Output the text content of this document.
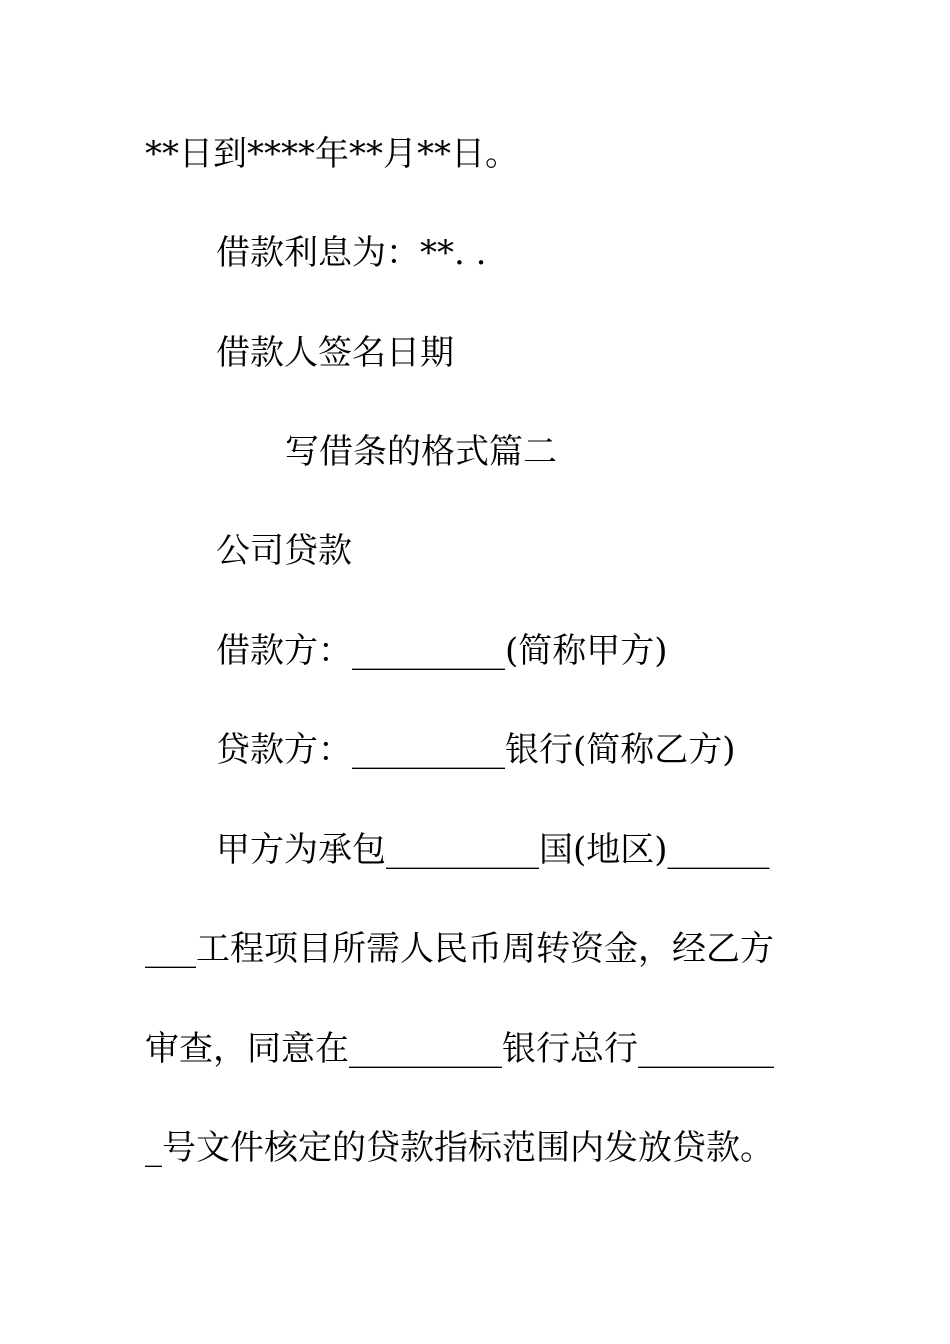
**日到****年**月**日。
借款利息为：**. .
借款人签名日期
写借条的格式篇二
公司贷款
借款方：_________(简称甲方)
贷款方：_________银行(简称乙方)
甲方为承包_________国(地区)______
___工程项目所需人民币周转资金，经乙方
审查，同意在_________银行总行________
_号文件核定的贷款指标范围内发放贷款。
